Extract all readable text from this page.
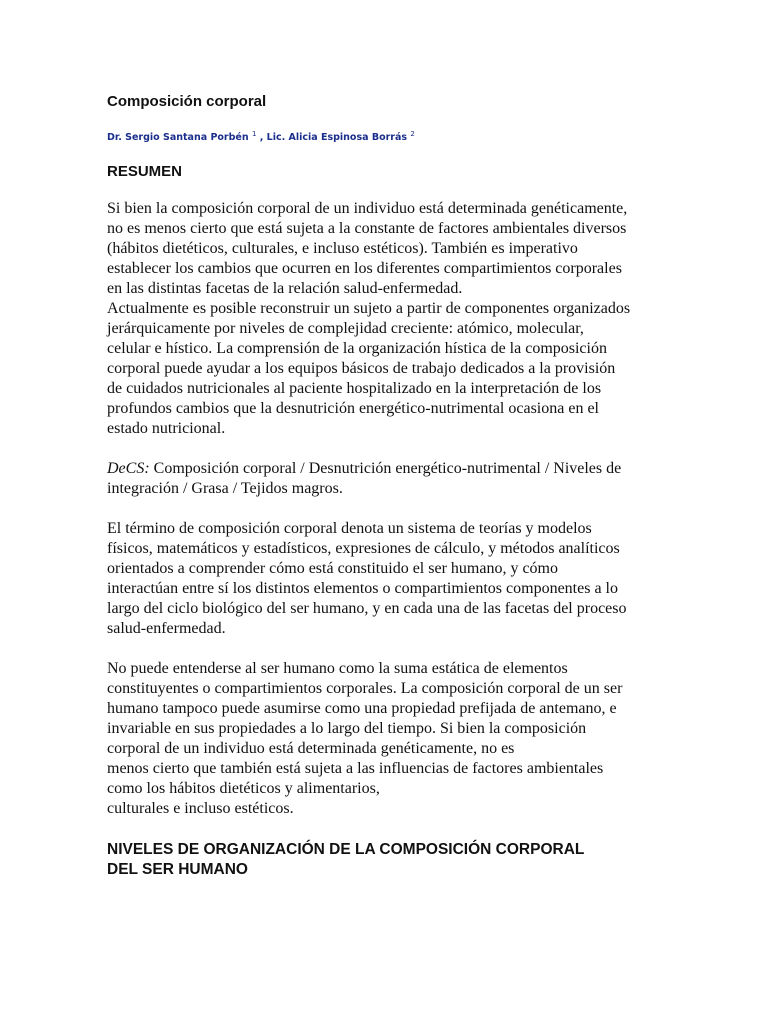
Composición corporal
Dr. Sergio Santana Porbén $^1$ , Lic. Alicia Espinosa Borrás $^2$
RESUMEN
Si bien la composición corporal de un individuo está determinada genéticamente,
no es menos cierto que está sujeta a la constante de factores ambientales diversos
(hábitos dietéticos, culturales, e incluso estéticos). También es imperativo
establecer los cambios que ocurren en los diferentes compartimientos corporales
en las distintas facetas de la relación salud-enfermedad.
Actualmente es posible reconstruir un sujeto a partir de componentes organizados
jerárquicamente por niveles de complejidad creciente: atómico, molecular,
celular e hístico. La comprensión de la organización hística de la composición
corporal puede ayudar a los equipos básicos de trabajo dedicados a la provisión
de cuidados nutricionales al paciente hospitalizado en la interpretación de los
profundos cambios que la desnutrición energético-nutrimental ocasiona en el
estado nutricional.
DeCS: Composición corporal / Desnutrición energético-nutrimental / Niveles de
integración / Grasa / Tejidos magros.
El término de composición corporal denota un sistema de teorías y modelos
físicos, matemáticos y estadísticos, expresiones de cálculo, y métodos analíticos
orientados a comprender cómo está constituido el ser humano, y cómo
interactúan entre sí los distintos elementos o compartimientos componentes a lo
largo del ciclo biológico del ser humano, y en cada una de las facetas del proceso
salud-enfermedad.
No puede entenderse al ser humano como la suma estática de elementos
constituyentes o compartimientos corporales. La composición corporal de un ser
humano tampoco puede asumirse como una propiedad prefijada de antemano, e
invariable en sus propiedades a lo largo del tiempo. Si bien la composición
corporal de un individuo está determinada genéticamente, no es
menos cierto que también está sujeta a las influencias de factores ambientales
como los hábitos dietéticos y alimentarios,
culturales e incluso estéticos.
NIVELES DE ORGANIZACIÓN DE LA COMPOSICIÓN CORPORAL
DEL SER HUMANO
